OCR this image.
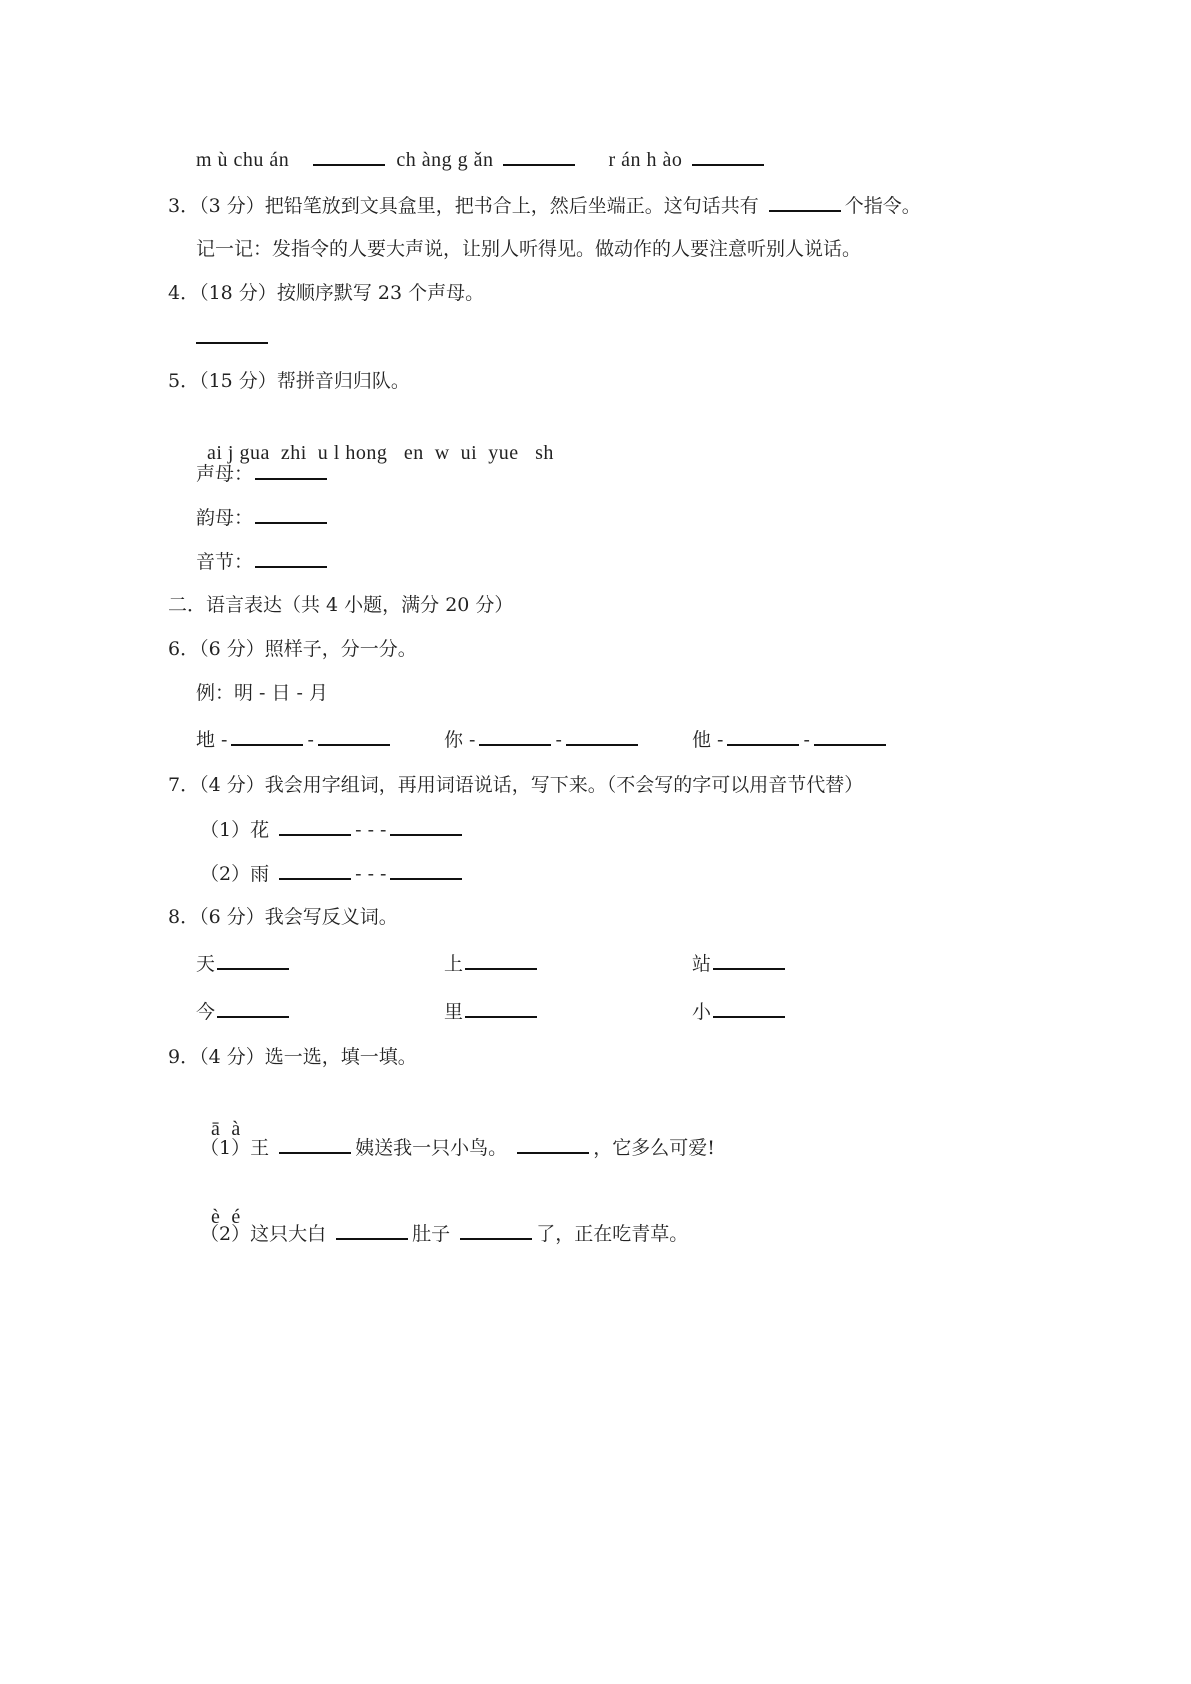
m ù chu án	ch àng g ǎn	r án h ào
3．（3 分）把铅笔放到文具盒里，把书合上，然后坐端正。这句话共有	个指令。
记一记：发指令的人要大声说，让别人听得见。做动作的人要注意听别人说话。
4．（18 分）按顺序默写 23 个声母。
5．（15 分）帮拼音归归队。

ai j gua  zhi  u l hong   en  w  ui  yue   sh

声母：
韵母：
音节：
二．语言表达（共 4 小题，满分 20 分）
6．（6 分）照样子，分一分。
例：明 - 日 - 月
地 -	-	你 -	-	他 -	-
7．（4 分）我会用字组词，再用词语说话，写下来。（不会写的字可以用音节代替）
（1）花	- - -
（2）雨	- - -
8．（6 分）我会写反义词。
天	上	站
今	里	小
9．（4 分）选一选，填一填。

ā  à

（1）王	姨送我一只小鸟。	，它多么可爱!

è  é

（2）这只大白	肚子	了，正在吃青草。
